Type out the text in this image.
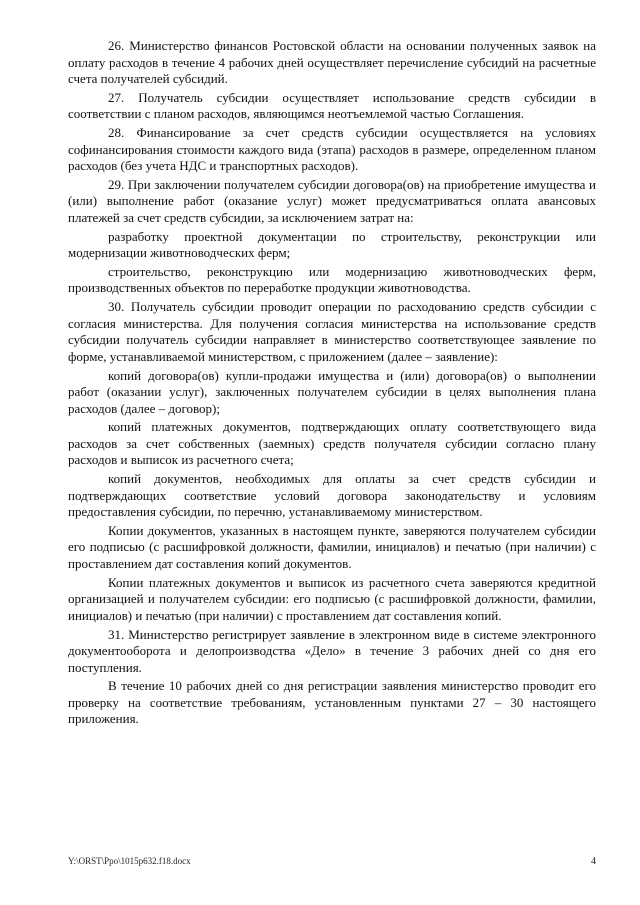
26. Министерство финансов Ростовской области на основании полученных заявок на оплату расходов в течение 4 рабочих дней осуществляет перечисление субсидий на расчетные счета получателей субсидий.

27. Получатель субсидии осуществляет использование средств субсидии в соответствии с планом расходов, являющимся неотъемлемой частью Соглашения.

28. Финансирование за счет средств субсидии осуществляется на условиях софинансирования стоимости каждого вида (этапа) расходов в размере, определенном планом расходов (без учета НДС и транспортных расходов).

29. При заключении получателем субсидии договора(ов) на приобретение имущества и (или) выполнение работ (оказание услуг) может предусматриваться оплата авансовых платежей за счет средств субсидии, за исключением затрат на:

разработку проектной документации по строительству, реконструкции или модернизации животноводческих ферм;

строительство, реконструкцию или модернизацию животноводческих ферм, производственных объектов по переработке продукции животноводства.

30. Получатель субсидии проводит операции по расходованию средств субсидии с согласия министерства. Для получения согласия министерства на использование средств субсидии получатель субсидии направляет в министерство соответствующее заявление по форме, устанавливаемой министерством, с приложением (далее – заявление):

копий договора(ов) купли-продажи имущества и (или) договора(ов) о выполнении работ (оказании услуг), заключенных получателем субсидии в целях выполнения плана расходов (далее – договор);

копий платежных документов, подтверждающих оплату соответствующего вида расходов за счет собственных (заемных) средств получателя субсидии согласно плану расходов и выписок из расчетного счета;

копий документов, необходимых для оплаты за счет средств субсидии и подтверждающих соответствие условий договора законодательству и условиям предоставления субсидии, по перечню, устанавливаемому министерством.

Копии документов, указанных в настоящем пункте, заверяются получателем субсидии его подписью (с расшифровкой должности, фамилии, инициалов) и печатью (при наличии) с проставлением дат составления копий документов.

Копии платежных документов и выписок из расчетного счета заверяются кредитной организацией и получателем субсидии: его подписью (с расшифровкой должности, фамилии, инициалов) и печатью (при наличии) с проставлением дат составления копий.

31. Министерство регистрирует заявление в электронном виде в системе электронного документооборота и делопроизводства «Дело» в течение 3 рабочих дней со дня его поступления.

В течение 10 рабочих дней со дня регистрации заявления министерство проводит его проверку на соответствие требованиям, установленным пунктами 27 – 30 настоящего приложения.

Y:\ORST\Ppo\1015p632.f18.docx	4
